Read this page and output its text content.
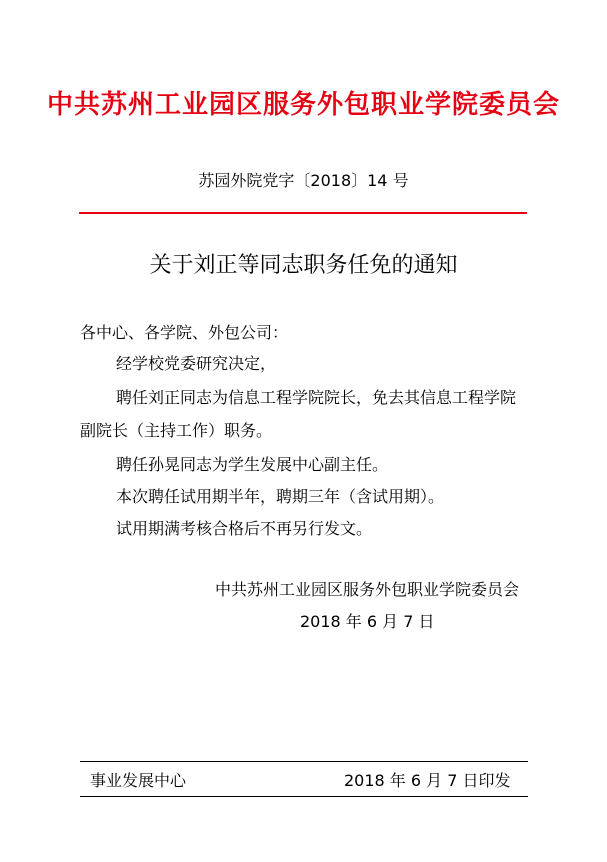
中共苏州工业园区服务外包职业学院委员会
苏园外院党字〔2018〕14 号
关于刘正等同志职务任免的通知
各中心、各学院、外包公司：
经学校党委研究决定，
聘任刘正同志为信息工程学院院长，免去其信息工程学院
副院长（主持工作）职务。
聘任孙晃同志为学生发展中心副主任。
本次聘任试用期半年，聘期三年（含试用期）。
试用期满考核合格后不再另行发文。
中共苏州工业园区服务外包职业学院委员会
2018 年 6 月 7 日
事业发展中心	2018 年 6 月 7 日印发
